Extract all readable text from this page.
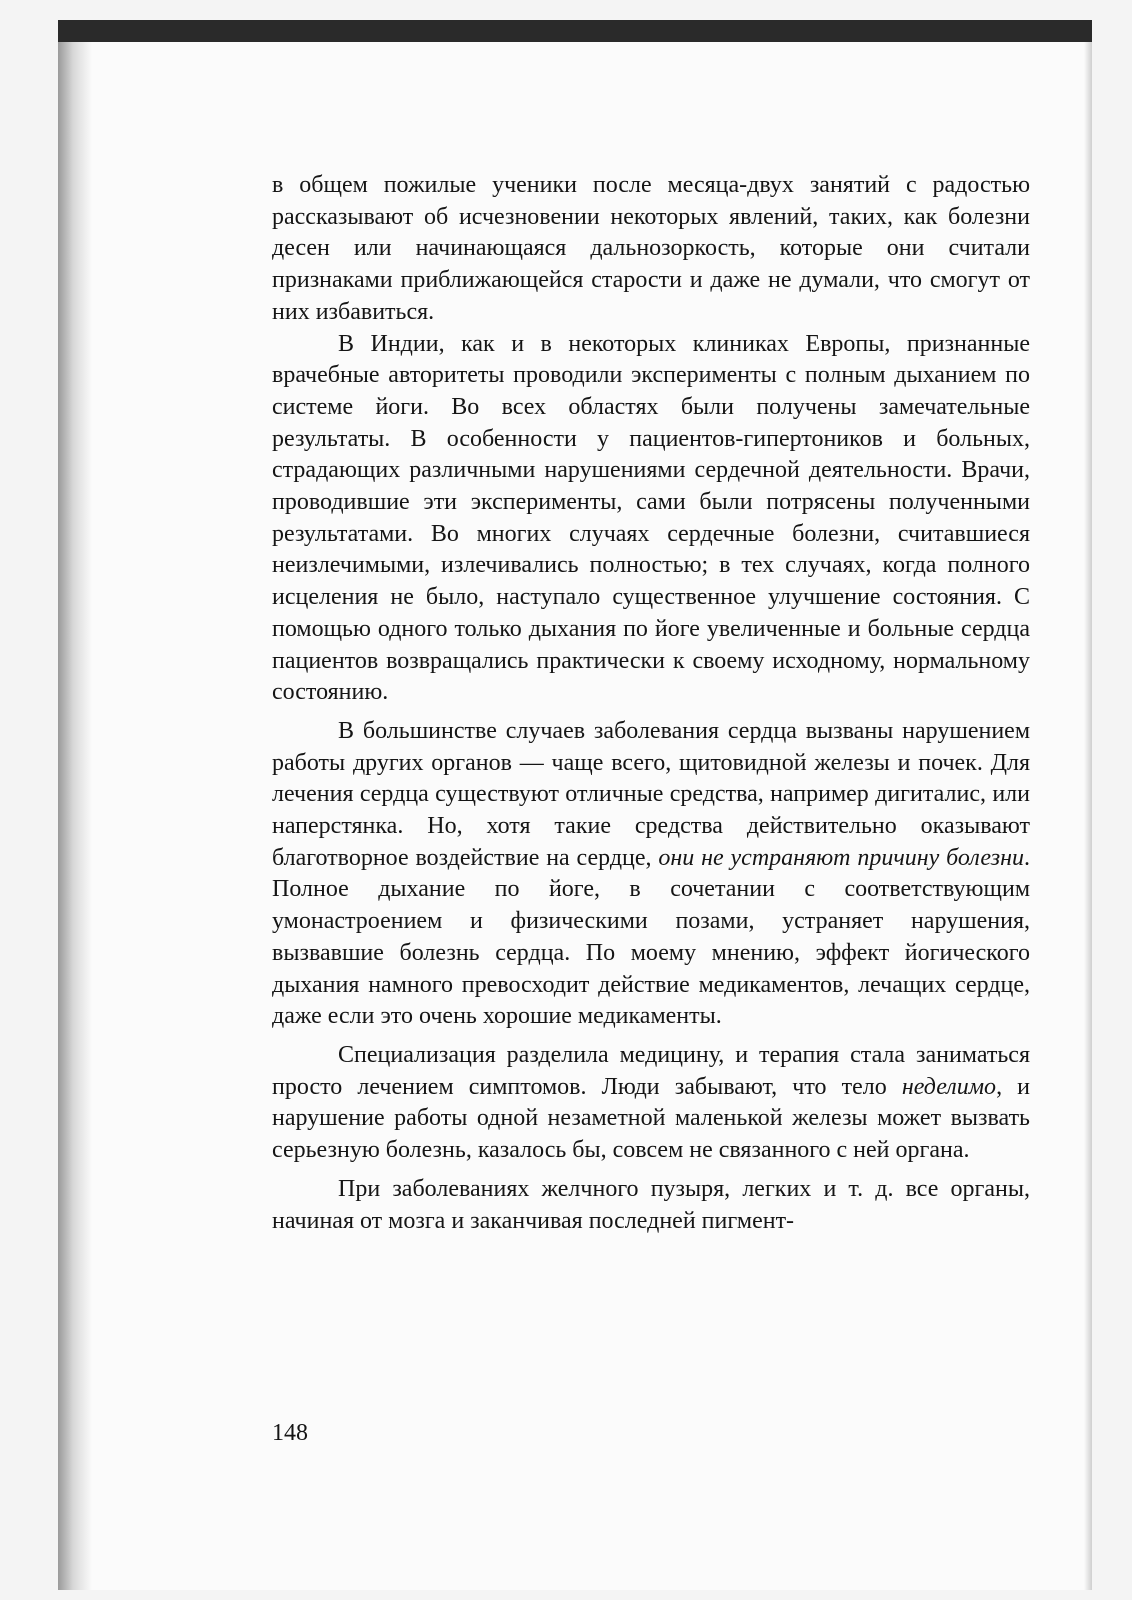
в общем пожилые ученики после месяца-двух занятий с радостью рассказывают об исчезновении некоторых явлений, таких, как болезни десен или начинающаяся дальнозоркость, которые они считали признаками приближающейся старости и даже не думали, что смогут от них избавиться.

В Индии, как и в некоторых клиниках Европы, признанные врачебные авторитеты проводили эксперименты с полным дыханием по системе йоги. Во всех областях были получены замечательные результаты. В особенности у пациентов-гипертоников и больных, страдающих различными нарушениями сердечной деятельности. Врачи, проводившие эти эксперименты, сами были потрясены полученными результатами. Во многих случаях сердечные болезни, считавшиеся неизлечимыми, излечивались полностью; в тех случаях, когда полного исцеления не было, наступало существенное улучшение состояния. С помощью одного только дыхания по йоге увеличенные и больные сердца пациентов возвращались практически к своему исходному, нормальному состоянию.

В большинстве случаев заболевания сердца вызваны нарушением работы других органов — чаще всего, щитовидной железы и почек. Для лечения сердца существуют отличные средства, например дигиталис, или наперстянка. Но, хотя такие средства действительно оказывают благотворное воздействие на сердце, они не устраняют причину болезни. Полное дыхание по йоге, в сочетании с соответствующим умонастроением и физическими позами, устраняет нарушения, вызвавшие болезнь сердца. По моему мнению, эффект йогического дыхания намного превосходит действие медикаментов, лечащих сердце, даже если это очень хорошие медикаменты.

Специализация разделила медицину, и терапия стала заниматься просто лечением симптомов. Люди забывают, что тело неделимо, и нарушение работы одной незаметной маленькой железы может вызвать серьезную болезнь, казалось бы, совсем не связанного с ней органа.

При заболеваниях желчного пузыря, легких и т. д. все органы, начиная от мозга и заканчивая последней пигмент-

148
